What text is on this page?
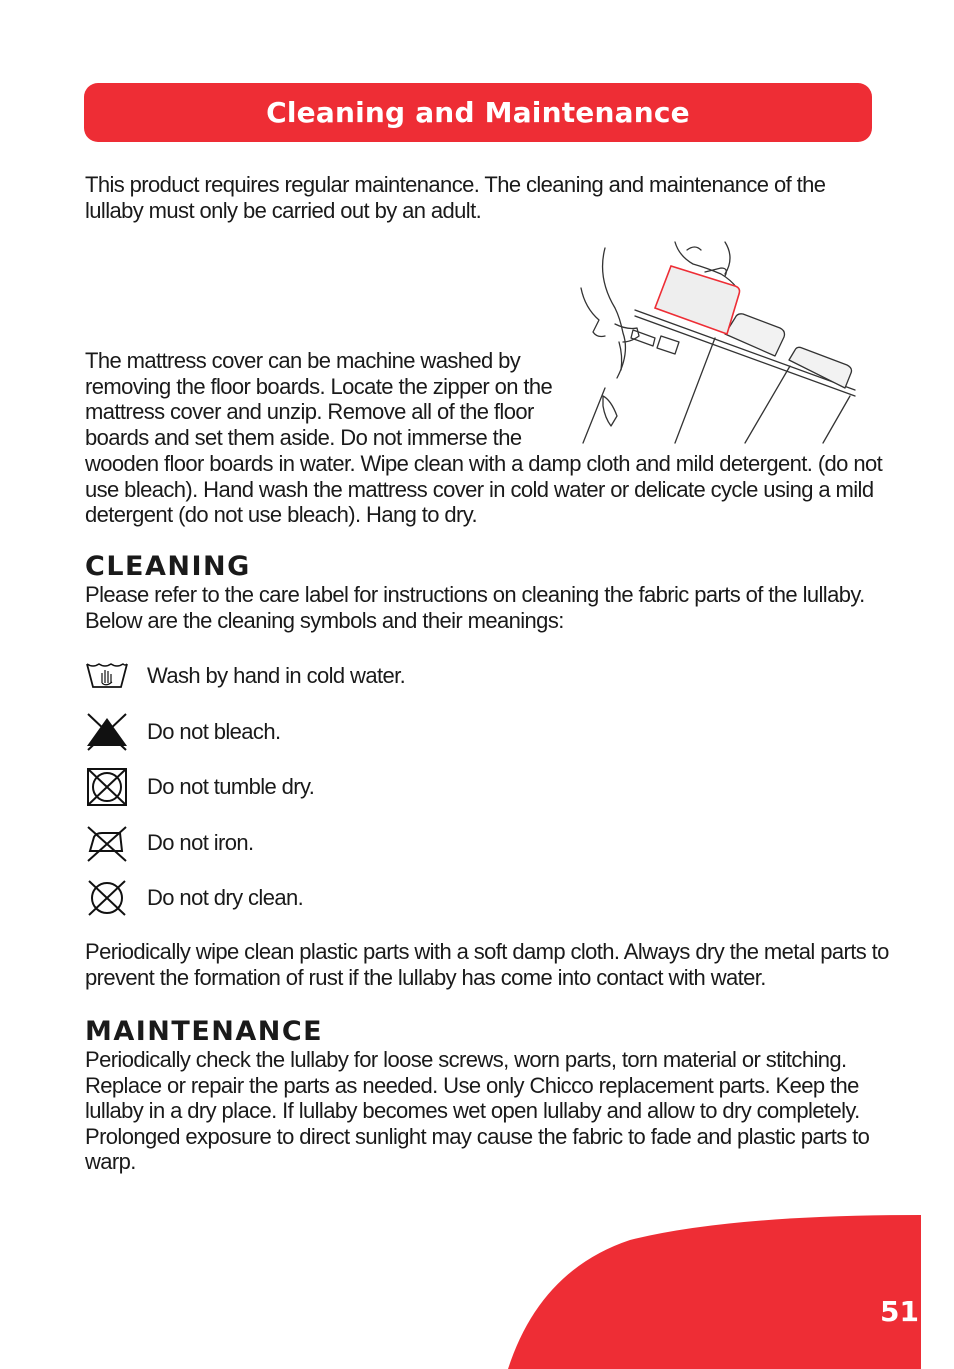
Cleaning and Maintenance

This product requires regular maintenance. The cleaning and maintenance of the lullaby must only be carried out by an adult.

The mattress cover can be machine washed by removing the floor boards. Locate the zipper on the mattress cover and unzip. Remove all of the floor boards and set them aside. Do not immerse the

wooden floor boards in water. Wipe clean with a damp cloth and mild detergent. (do not use bleach). Hand wash the mattress cover in cold water or delicate cycle using a mild detergent (do not use bleach). Hang to dry.

CLEANING

Please refer to the care label for instructions on cleaning the fabric parts of the lullaby. Below are the cleaning symbols and their meanings:

Wash by hand in cold water.
Do not bleach.
Do not tumble dry.
Do not iron.
Do not dry clean.

Periodically wipe clean plastic parts with a soft damp cloth. Always dry the metal parts to prevent the formation of rust if the lullaby has come into contact with water.

MAINTENANCE

Periodically check the lullaby for loose screws, worn parts, torn material or stitching. Replace or repair the parts as needed. Use only Chicco replacement parts. Keep the lullaby in a dry place. If lullaby becomes wet open lullaby and allow to dry completely. Prolonged exposure to direct sunlight may cause the fabric to fade and plastic parts to warp.

51
